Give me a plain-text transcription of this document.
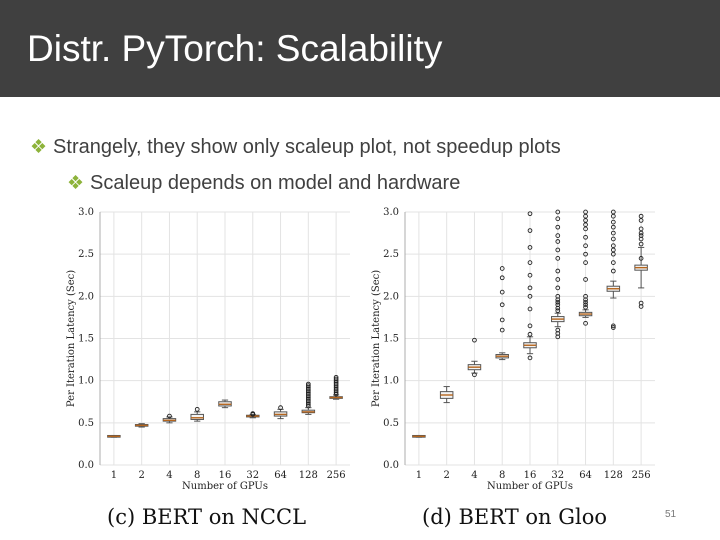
Distr. PyTorch: Scalability
❖ Strangely, they show only scaleup plot, not speedup plots
❖ Scaleup depends on model and hardware
0.0
0.5
1.0
1.5
2.0
2.5
3.0
1 2 4 8 16 32 64 128 256
Number of GPUs
Per Iteration Latency (Sec)
0.0
0.5
1.0
1.5
2.0
2.5
3.0
1 2 4 8 16 32 64 128 256
Number of GPUs
Per Iteration Latency (Sec)
(c) BERT on NCCL	(d) BERT on Gloo	51
